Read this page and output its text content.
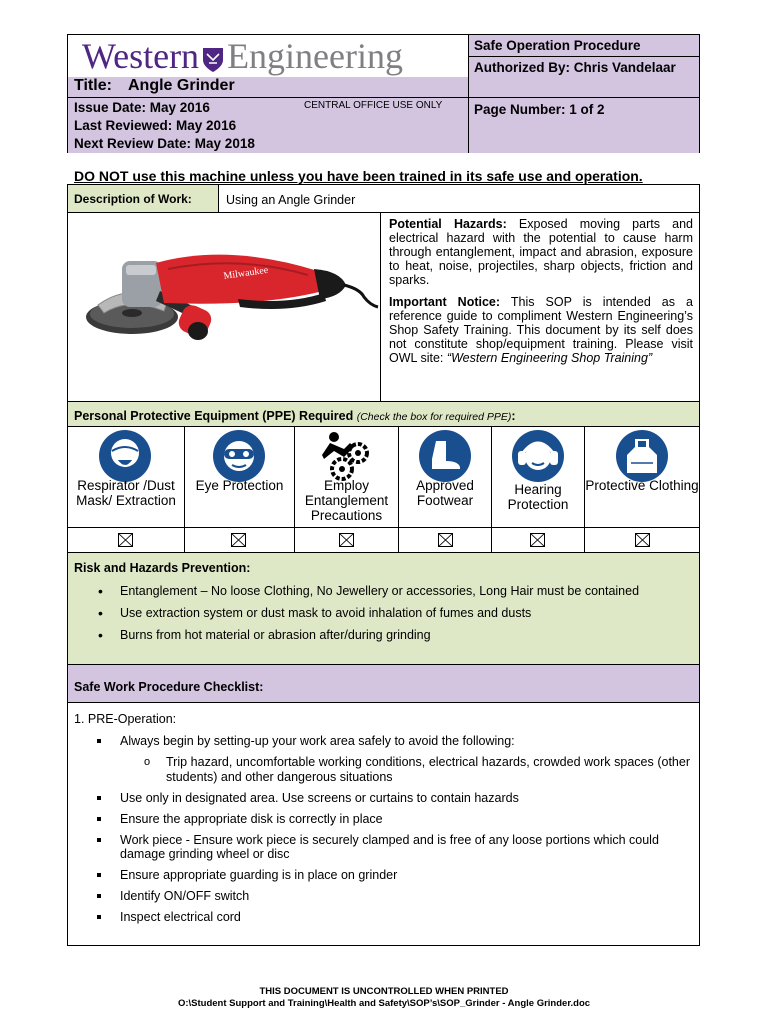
Western Engineering
Title: Angle Grinder
Issue Date: May 2016
Last Reviewed: May 2016
Next Review Date: May 2018
CENTRAL OFFICE USE ONLY
Safe Operation Procedure
Authorized By: Chris Vandelaar
Page Number: 1 of 2
DO NOT use this machine unless you have been trained in its safe use and operation.
Description of Work:	Using an Angle Grinder
Milwaukee

Potential Hazards: Exposed moving parts and electrical hazard with the potential to cause harm through entanglement, impact and abrasion, exposure to heat, noise, projectiles, sharp objects, friction and sparks.

Important Notice: This SOP is intended as a reference guide to compliment Western Engineering’s Shop Safety Training. This document by its self does not constitute shop/equipment training. Please visit OWL site: “Western Engineering Shop Training”

Personal Protective Equipment (PPE) Required (Check the box for required PPE):
Respirator /Dust Mask/ Extraction
Eye Protection	Employ Entanglement Precautions
Approved Footwear
Hearing Protection
Protective Clothing
Risk and Hazards Prevention:
• Entanglement – No loose Clothing, No Jewellery or accessories, Long Hair must be contained
• Use extraction system or dust mask to avoid inhalation of fumes and dusts
• Burns from hot material or abrasion after/during grinding
Safe Work Procedure Checklist:
1. PRE-Operation:
Always begin by setting-up your work area safely to avoid the following:
o Trip hazard, uncomfortable working conditions, electrical hazards, crowded work spaces (other students) and other dangerous situations
Use only in designated area. Use screens or curtains to contain hazards
Ensure the appropriate disk is correctly in place
Work piece - Ensure work piece is securely clamped and is free of any loose portions which could damage grinding wheel or disc
Ensure appropriate guarding is in place on grinder
Identify ON/OFF switch
Inspect electrical cord
THIS DOCUMENT IS UNCONTROLLED WHEN PRINTED
O:\Student Support and Training\Health and Safety\SOP’s\SOP_Grinder - Angle Grinder.doc
